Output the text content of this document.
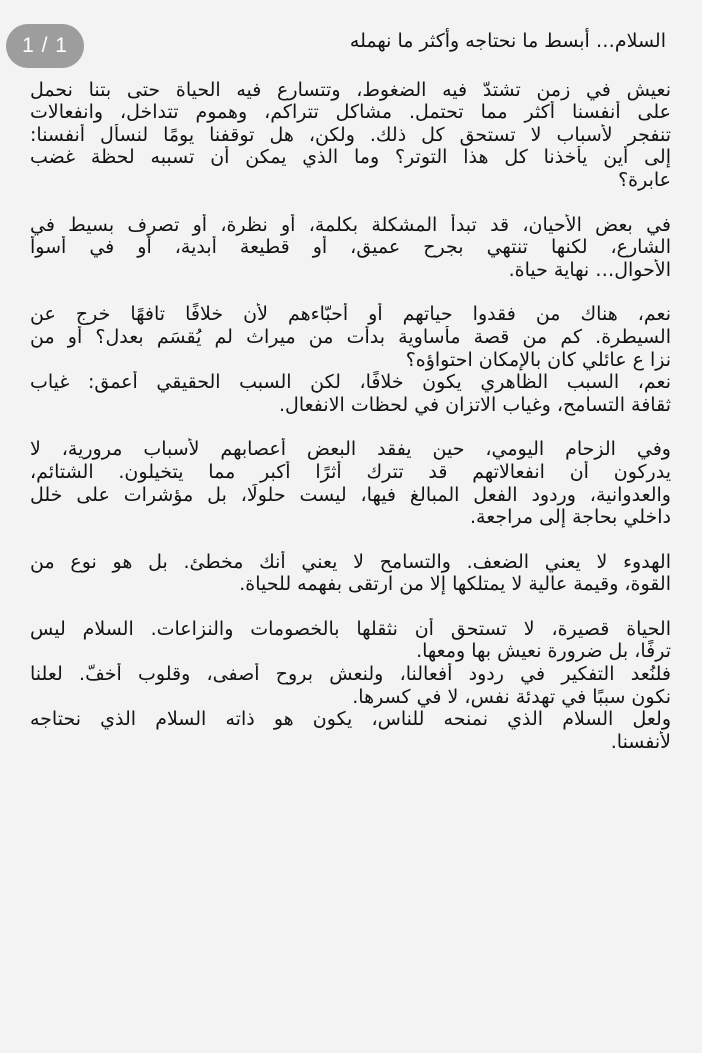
1 / 1	السلام… أبسط ما نحتاجه وأكثر ما نهمله
نعيش في زمن تشتدّ فيه الضغوط، وتتسارع فيه الحياة حتى بتنا نحمل
على أنفسنا أكثر مما تحتمل. مشاكل تتراكم، وهموم تتداخل، وانفعالات
تنفجر لأسباب لا تستحق كل ذلك. ولكن، هل توقفنا يومًا لنسأل أنفسنا:
إلى أين يأخذنا كل هذا التوتر؟ وما الذي يمكن أن تسببه لحظة غضب
عابرة؟
في بعض الأحيان، قد تبدأ المشكلة بكلمة، أو نظرة، أو تصرف بسيط في
الشارع، لكنها تنتهي بجرح عميق، أو قطيعة أبدية، أو في أسوأ
الأحوال… نهاية حياة.
نعم، هناك من فقدوا حياتهم أو أحبّاءهم لأن خلافًا تافهًا خرج عن
السيطرة. كم من قصة مأساوية بدأت من ميراث لم يُقسَم بعدل؟ أو من
نزا ع عائلي كان بالإمكان احتواؤه؟
نعم، السبب الظاهري يكون خلافًا، لكن السبب الحقيقي أعمق: غياب
ثقافة التسامح، وغياب الاتزان في لحظات الانفعال.
وفي الزحام اليومي، حين يفقد البعض أعصابهم لأسباب مرورية، لا
يدركون أن انفعالاتهم قد تترك أثرًا أكبر مما يتخيلون. الشتائم،
والعدوانية، وردود الفعل المبالغ فيها، ليست حلولًا، بل مؤشرات على خلل
داخلي بحاجة إلى مراجعة.
الهدوء لا يعني الضعف. والتسامح لا يعني أنك مخطئ. بل هو نوع من
القوة، وقيمة عالية لا يمتلكها إلا من ارتقى بفهمه للحياة.
الحياة قصيرة، لا تستحق أن نثقلها بالخصومات والنزاعات. السلام ليس
ترفًا، بل ضرورة نعيش بها ومعها.
فلنُعد التفكير في ردود أفعالنا، ولنعش بروح أصفى، وقلوب أخفّ. لعلنا
نكون سببًا في تهدئة نفس، لا في كسرها.
ولعل السلام الذي نمنحه للناس، يكون هو ذاته السلام الذي نحتاجه
لأنفسنا.
